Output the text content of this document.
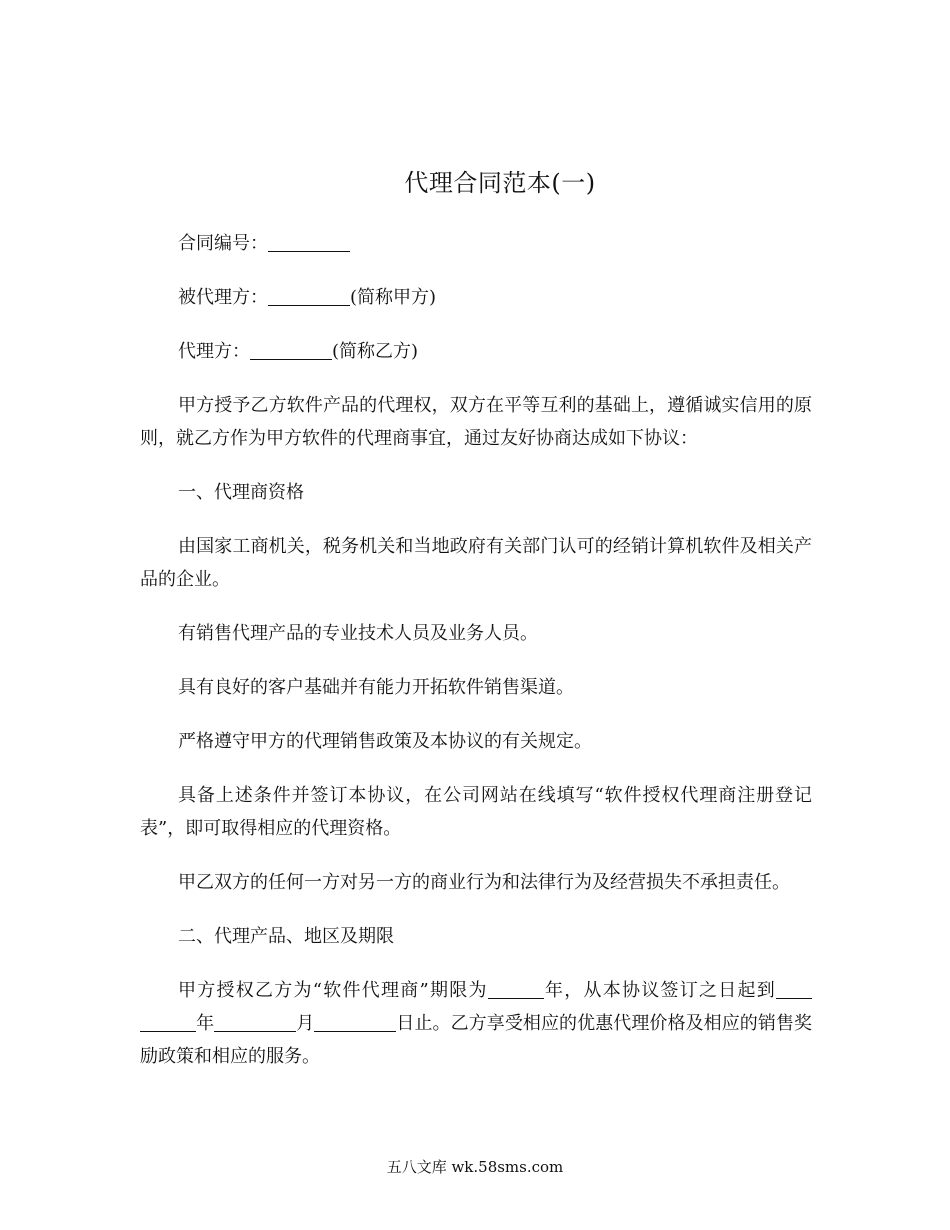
代理合同范本(一)

合同编号：

被代理方：	(简称甲方)

代理方：	(简称乙方)

甲方授予乙方软件产品的代理权，双方在平等互利的基础上，遵循诚实信用的原则，就乙方作为甲方软件的代理商事宜，通过友好协商达成如下协议：

一、代理商资格

由国家工商机关，税务机关和当地政府有关部门认可的经销计算机软件及相关产品的企业。

有销售代理产品的专业技术人员及业务人员。

具有良好的客户基础并有能力开拓软件销售渠道。

严格遵守甲方的代理销售政策及本协议的有关规定。

具备上述条件并签订本协议，在公司网站在线填写“软件授权代理商注册登记表”，即可取得相应的代理资格。

甲乙双方的任何一方对另一方的商业行为和法律行为及经营损失不承担责任。

二、代理产品、地区及期限

甲方授权乙方为“软件代理商”期限为	年，从本协议签订之日起到年	月	日止。乙方享受相应的优惠代理价格及相应的销售奖励政策和相应的服务。

五八文库 wk.58sms.com
